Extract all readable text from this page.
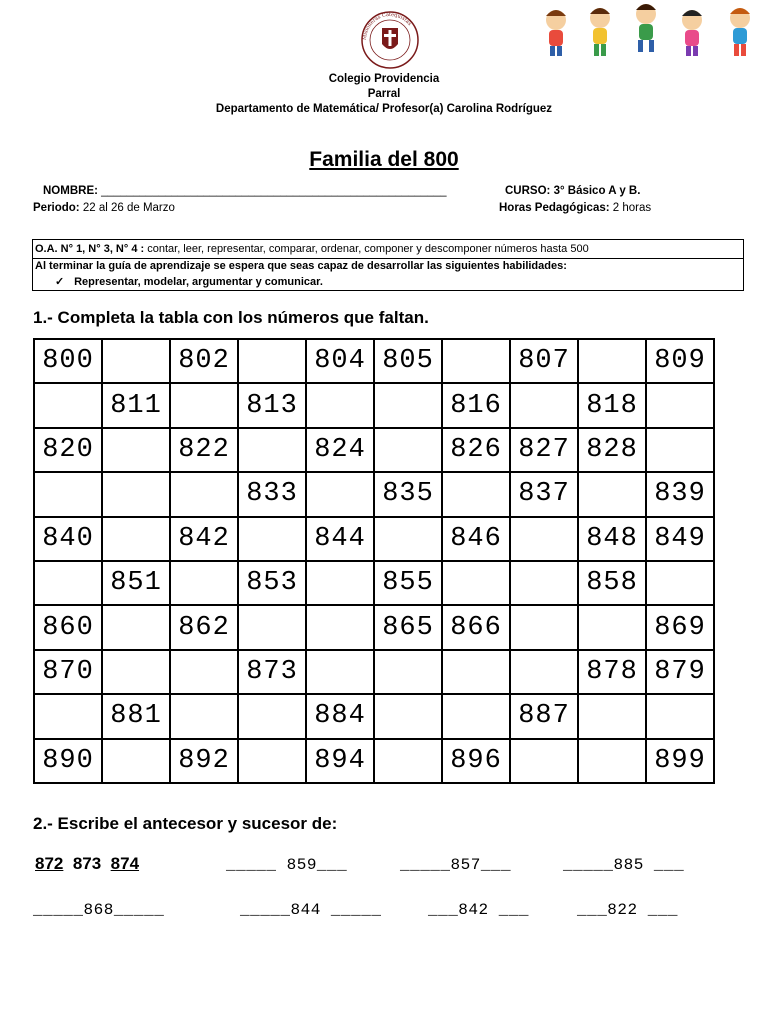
Misioneras Catequistas
Colegio Providencia
Parral
Departamento de Matemática/ Profesor(a) Carolina Rodríguez
Familia del 800
NOMBRE: ______________________________________________________	CURSO: 3° Básico A y B.
Periodo: 22 al 26 de Marzo	Horas Pedagógicas: 2 horas
O.A. N° 1, N° 3, N° 4 : contar, leer, representar, comparar, ordenar, componer y descomponer números hasta 500
Al terminar la guía de aprendizaje se espera que seas capaz de desarrollar las siguientes habilidades:
✓ Representar, modelar, argumentar y comunicar.
1.- Completa la tabla con los números que faltan.
800		802		804	805		807		809
	811		813			816		818	
820		822		824		826	827	828	
			833		835		837		839
840		842		844		846		848	849
	851		853		855			858	
860		862			865	866			869
870			873					878	879
	881			884			887		
890		892		894		896			899
2.- Escribe el antecesor y sucesor de:
872 873 874	_____ 859___	_____857___	_____885 ___
_____868_____	_____844 _____	___842 ___	___822 ___
